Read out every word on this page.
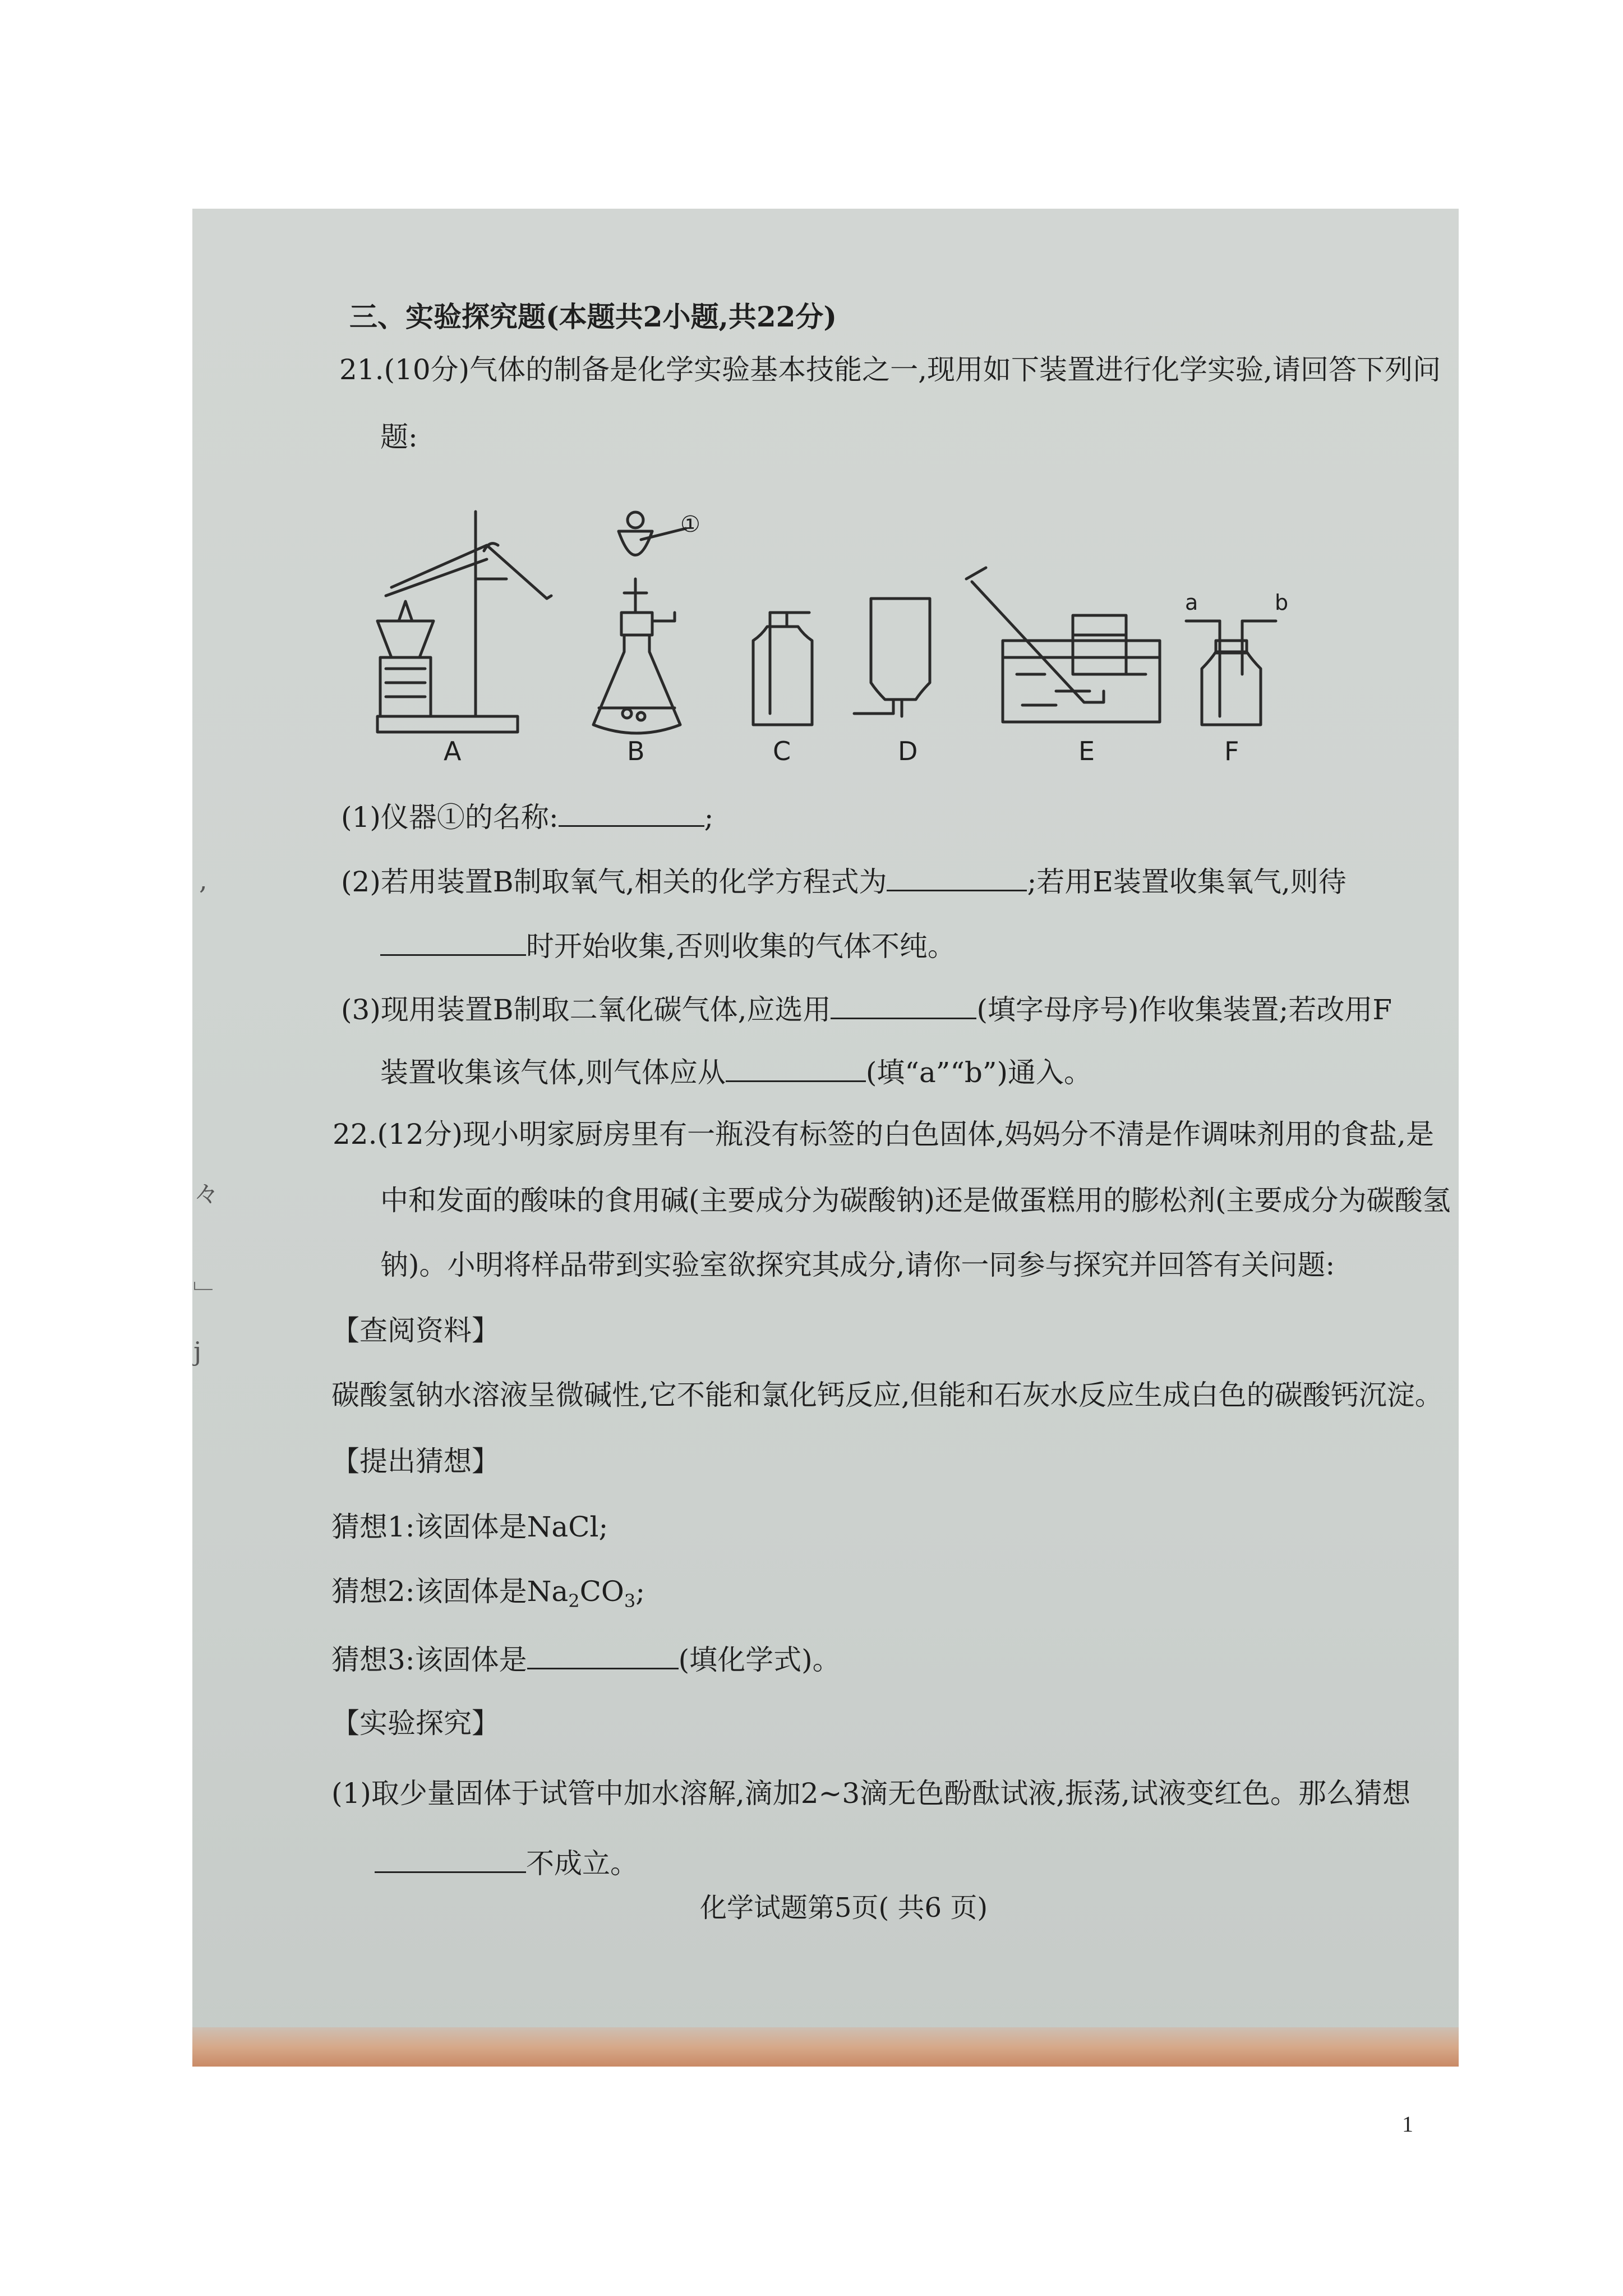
,
々
﹂
j
三、实验探究题(本题共2小题,共22分)
21.(10分)气体的制备是化学实验基本技能之一,现用如下装置进行化学实验,请回答下列问
题:
①
a	b
A	B	C	D	E	F
(1)仪器①的名称:	;
(2)若用装置B制取氧气,相关的化学方程式为	;若用E装置收集氧气,则待
时开始收集,否则收集的气体不纯。
(3)现用装置B制取二氧化碳气体,应选用	(填字母序号)作收集装置;若改用F
装置收集该气体,则气体应从	(填“a”“b”)通入。
22.(12分)现小明家厨房里有一瓶没有标签的白色固体,妈妈分不清是作调味剂用的食盐,是
中和发面的酸味的食用碱(主要成分为碳酸钠)还是做蛋糕用的膨松剂(主要成分为碳酸氢
钠)。小明将样品带到实验室欲探究其成分,请你一同参与探究并回答有关问题:
【查阅资料】
碳酸氢钠水溶液呈微碱性,它不能和氯化钙反应,但能和石灰水反应生成白色的碳酸钙沉淀。
【提出猜想】
猜想1:该固体是NaCl;
猜想2:该固体是$Na_2CO_3$;
猜想3:该固体是	(填化学式)。
【实验探究】
(1)取少量固体于试管中加水溶解,滴加2~3滴无色酚酞试液,振荡,试液变红色。那么猜想
不成立。
化学试题第5页( 共6 页)
1
